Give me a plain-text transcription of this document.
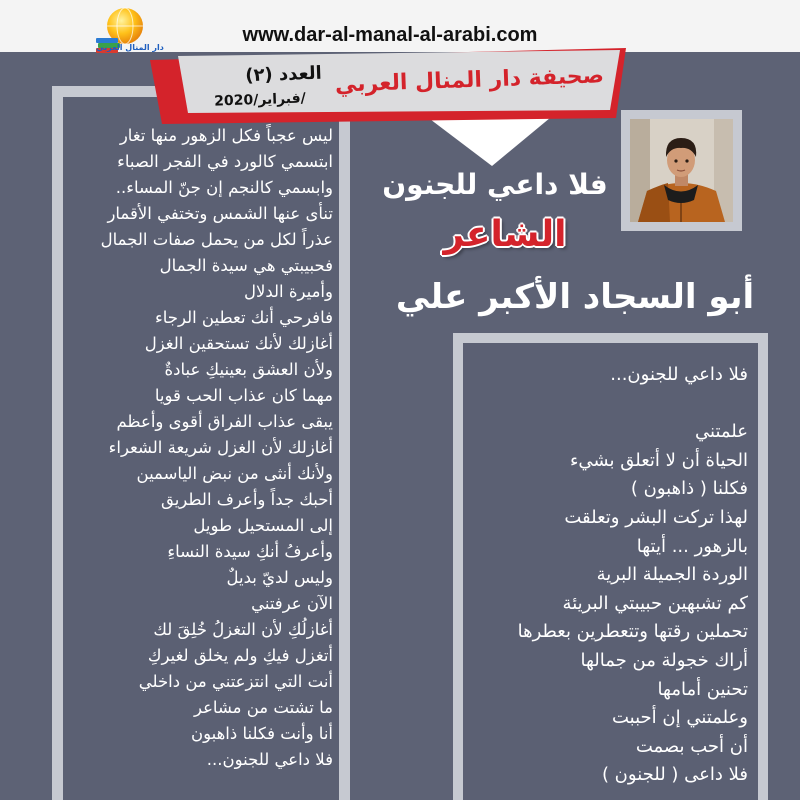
دار المنال العربي
www.dar-al-manal-al-arabi.com
ليس عجباً فكل الزهور منها تغار
ابتسمي كالورد في الفجر الصباء
وابسمي كالنجم إن جنّ المساء..
تنأى عنها الشمس وتختفي الأقمار
عذراً لكل من يحمل صفات الجمال
فحبيبتي هي سيدة الجمال
وأميرة الدلال
فافرحي أنك تعطين الرجاء
أغازلك لأنك تستحقين الغزل
ولأن العشق بعينيكِ عبادةٌ
مهما كان عذاب الحب قويا
يبقى عذاب الفراق أقوى وأعظم
أغازلك لأن الغزل شريعة الشعراء
ولأنك أنثى من نبض الياسمين
أحبك جداً وأعرف الطريق
إلى المستحيل طويل
وأعرفُ أنكِ سيدة النساءِ
وليس لديّ بديلٌ
الآن عرفتني
أغازلُكِ لأن التغزلُ خُلِقَ لك
أتغزل فيكِ ولم يخلق لغيركِ
أنت التي انتزعتني من داخلي
ما تشتت من مشاعر
أنا وأنت فكلنا ذاهبون
فلا داعي للجنون...
فلا داعي للجنون...
علمتني
الحياة أن لا أتعلق بشيء
فكلنا ( ذاهبون )
لهذا تركت البشر وتعلقت
بالزهور ... أيتها
الوردة الجميلة البرية
كم تشبهين حبيبتي البريئة
تحملين رقتها وتتعطرين بعطرها
أراك خجولة من جمالها
تحنين أمامها
وعلمتني إن أحببت
أن أحب بصمت
فلا داعى ( للجنون )
فلا داعي للجنون
الشاعر
أبو السجاد الأكبر علي
صحيفة دار المنال العربي
العدد (٢)
فبراير/2020/
